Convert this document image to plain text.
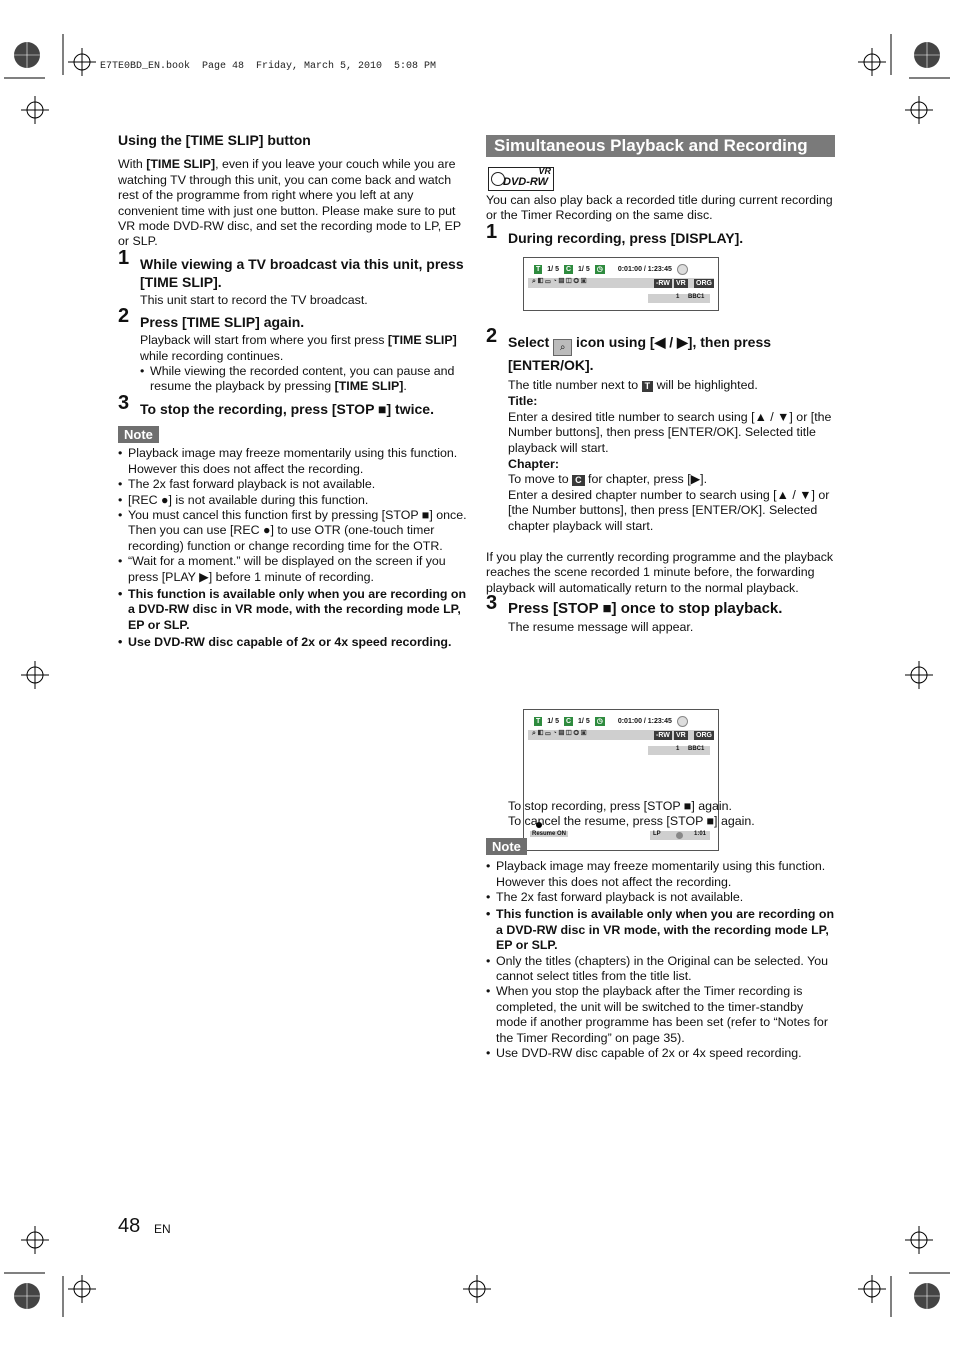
E7TE0BD_EN.book  Page 48  Friday, March 5, 2010  5:08 PM

Using the [TIME SLIP] button

With [TIME SLIP], even if you leave your couch while you are watching TV through this unit, you can come back and watch rest of the programme from right where you left at any convenient time with just one button. Please make sure to put VR mode DVD-RW disc, and set the recording mode to LP, EP or SLP.

1 While viewing a TV broadcast via this unit, press [TIME SLIP].

This unit start to record the TV broadcast.

2 Press [TIME SLIP] again.

Playback will start from where you first press [TIME SLIP] while recording continues.

• While viewing the recorded content, you can pause and resume the playback by pressing [TIME SLIP].
3 To stop the recording, press [STOP ■] twice.
Note
• Playback image may freeze momentarily using this function. However this does not affect the recording.
• The 2x fast forward playback is not available.
• [REC ●] is not available during this function.
• You must cancel this function first by pressing [STOP ■] once. Then you can use [REC ●] to use OTR (one-touch timer recording) function or change recording time for the OTR.
• “Wait for a moment.” will be displayed on the screen if you press [PLAY ▶] before 1 minute of recording.
• This function is available only when you are recording on a DVD-RW disc in VR mode, with the recording mode LP, EP or SLP.
• Use DVD-RW disc capable of 2x or 4x speed recording.
Simultaneous Playback and Recording
VR
DVD-RW

You can also play back a recorded title during current recording or the Timer Recording on the same disc.

1 During recording, press [DISPLAY].
T 1/ 5 C 1/ 5 ◷ 0:01:00 / 1:23:45
⌕◧▭◔▤◫◎▣	-RW VR ORG
1 BBC1
2 Select ⌕ icon using [◀ / ▶], then press [ENTER/OK].

The title number next to T will be highlighted.

Title:

Enter a desired title number to search using [▲ / ▼] or [the Number buttons], then press [ENTER/OK]. Selected title playback will start.

Chapter:

To move to C for chapter, press [▶].

Enter a desired chapter number to search using [▲ / ▼] or [the Number buttons], then press [ENTER/OK]. Selected chapter playback will start.

If you play the currently recording programme and the playback reaches the scene recorded 1 minute before, the forwarding playback will automatically return to the normal playback.

3 Press [STOP ■] once to stop playback.

The resume message will appear.

T 1/ 5 C 1/ 5 ◷ 0:01:00 / 1:23:45
⌕◧▭◔▤◫◎▣	-RW VR ORG
1 BBC1
Resume ON	LP	1:01

To stop recording, press [STOP ■] again.

To cancel the resume, press [STOP ■] again.

Note
• Playback image may freeze momentarily using this function. However this does not affect the recording.
• The 2x fast forward playback is not available.
• This function is available only when you are recording on a DVD-RW disc in VR mode, with the recording mode LP, EP or SLP.
• Only the titles (chapters) in the Original can be selected. You cannot select titles from the title list.
• When you stop the playback after the Timer recording is completed, the unit will be switched to the timer-standby mode if another programme has been set (refer to “Notes for the Timer Recording” on page 35).
• Use DVD-RW disc capable of 2x or 4x speed recording.
48 EN
